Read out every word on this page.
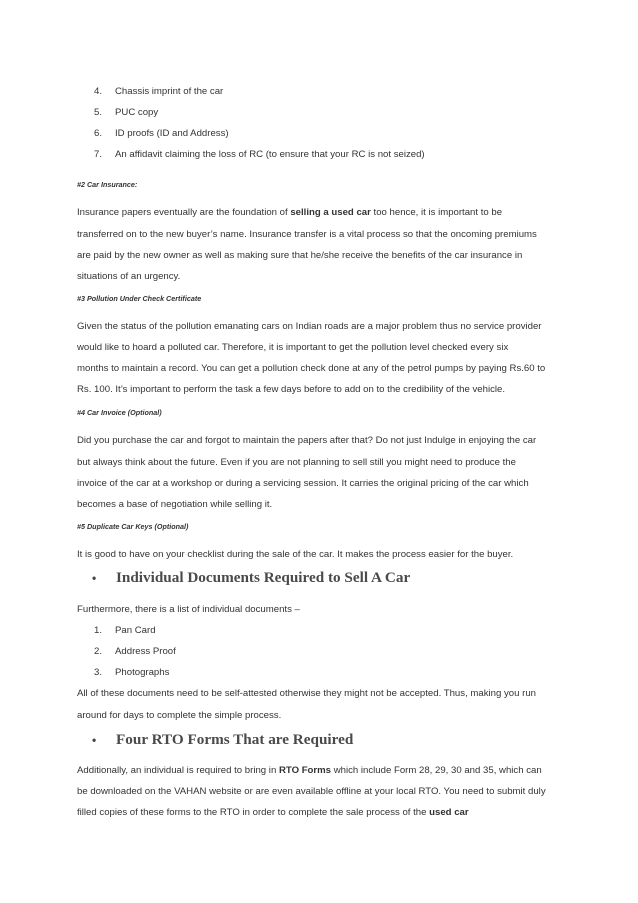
4.	Chassis imprint of the car
5.	PUC copy
6.	ID proofs (ID and Address)
7.	An affidavit claiming the loss of RC (to ensure that your RC is not seized)
#2 Car Insurance:
Insurance papers eventually are the foundation of selling a used car too hence, it is important to be
transferred on to the new buyer’s name. Insurance transfer is a vital process so that the oncoming premiums
are paid by the new owner as well as making sure that he/she receive the benefits of the car insurance in
situations of an urgency.
#3 Pollution Under Check Certificate
Given the status of the pollution emanating cars on Indian roads are a major problem thus no service provider
would like to hoard a polluted car. Therefore, it is important to get the pollution level checked every six
months to maintain a record. You can get a pollution check done at any of the petrol pumps by paying Rs.60 to
Rs. 100. It’s important to perform the task a few days before to add on to the credibility of the vehicle.
#4 Car Invoice (Optional)
Did you purchase the car and forgot to maintain the papers after that? Do not just Indulge in enjoying the car
but always think about the future. Even if you are not planning to sell still you might need to produce the
invoice of the car at a workshop or during a servicing session. It carries the original pricing of the car which
becomes a base of negotiation while selling it.
#5 Duplicate Car Keys (Optional)
It is good to have on your checklist during the sale of the car. It makes the process easier for the buyer.
• Individual Documents Required to Sell A Car
Furthermore, there is a list of individual documents –
1.	Pan Card
2.	Address Proof
3.	Photographs
All of these documents need to be self-attested otherwise they might not be accepted. Thus, making you run
around for days to complete the simple process.
• Four RTO Forms That are Required
Additionally, an individual is required to bring in RTO Forms which include Form 28, 29, 30 and 35, which can
be downloaded on the VAHAN website or are even available offline at your local RTO. You need to submit duly
filled copies of these forms to the RTO in order to complete the sale process of the used car
